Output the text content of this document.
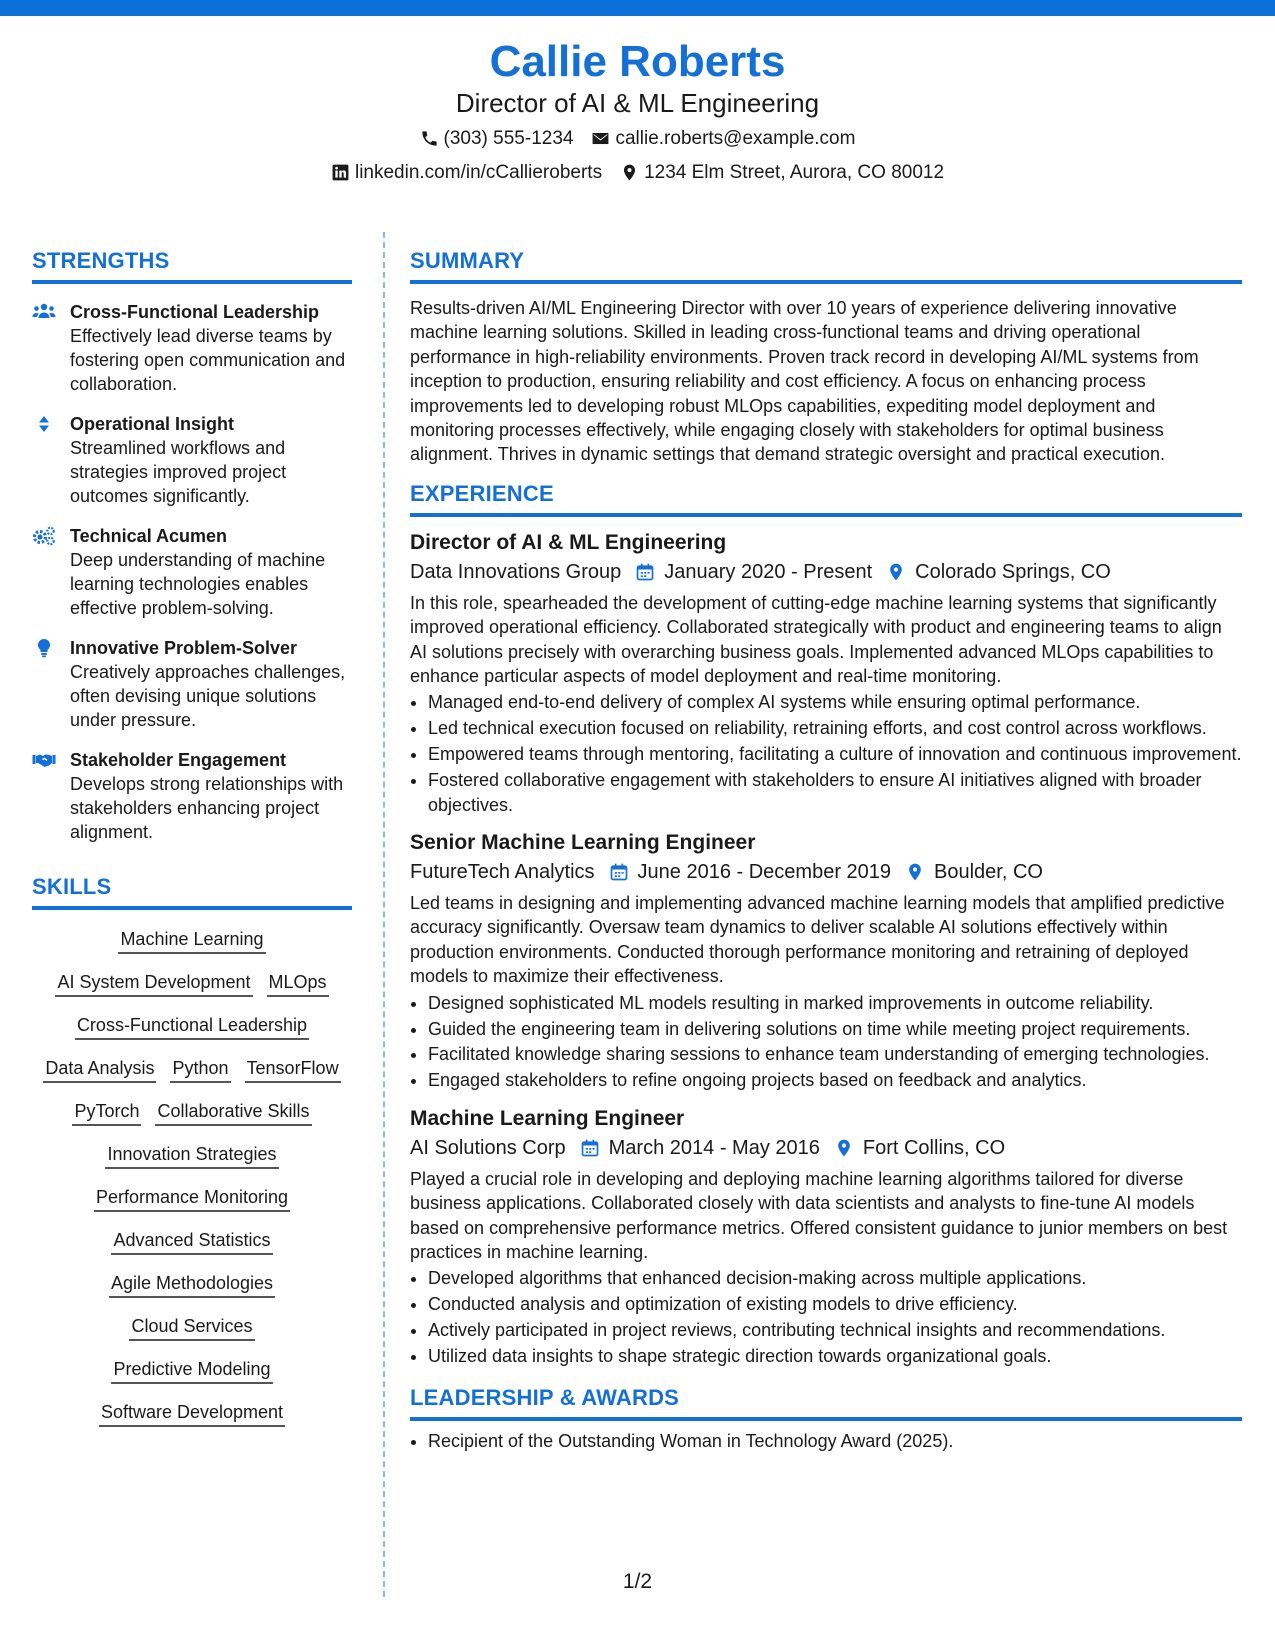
Callie Roberts
Director of AI & ML Engineering
(303) 555-1234 callie.roberts@example.com
linkedin.com/in/cCallieroberts 1234 Elm Street, Aurora, CO 80012
STRENGTHS
Cross-Functional Leadership
Effectively lead diverse teams by fostering open communication and collaboration.
Operational Insight
Streamlined workflows and strategies improved project outcomes significantly.
Technical Acumen
Deep understanding of machine learning technologies enables effective problem-solving.
Innovative Problem-Solver
Creatively approaches challenges, often devising unique solutions under pressure.
Stakeholder Engagement
Develops strong relationships with stakeholders enhancing project alignment.
SKILLS
Machine Learning
AI System Development MLOps
Cross-Functional Leadership
Data Analysis Python TensorFlow
PyTorch Collaborative Skills
Innovation Strategies
Performance Monitoring
Advanced Statistics
Agile Methodologies
Cloud Services
Predictive Modeling
Software Development
SUMMARY
Results-driven AI/ML Engineering Director with over 10 years of experience delivering innovative machine learning solutions. Skilled in leading cross-functional teams and driving operational performance in high-reliability environments. Proven track record in developing AI/ML systems from inception to production, ensuring reliability and cost efficiency. A focus on enhancing process improvements led to developing robust MLOps capabilities, expediting model deployment and monitoring processes effectively, while engaging closely with stakeholders for optimal business alignment. Thrives in dynamic settings that demand strategic oversight and practical execution.
EXPERIENCE
Director of AI & ML Engineering
Data Innovations Group January 2020 - Present Colorado Springs, CO
In this role, spearheaded the development of cutting-edge machine learning systems that significantly improved operational efficiency. Collaborated strategically with product and engineering teams to align AI solutions precisely with overarching business goals. Implemented advanced MLOps capabilities to enhance particular aspects of model deployment and real-time monitoring.
• Managed end-to-end delivery of complex AI systems while ensuring optimal performance.
• Led technical execution focused on reliability, retraining efforts, and cost control across workflows.
• Empowered teams through mentoring, facilitating a culture of innovation and continuous improvement.
• Fostered collaborative engagement with stakeholders to ensure AI initiatives aligned with broader objectives.
Senior Machine Learning Engineer
FutureTech Analytics June 2016 - December 2019 Boulder, CO
Led teams in designing and implementing advanced machine learning models that amplified predictive accuracy significantly. Oversaw team dynamics to deliver scalable AI solutions effectively within production environments. Conducted thorough performance monitoring and retraining of deployed models to maximize their effectiveness.
• Designed sophisticated ML models resulting in marked improvements in outcome reliability.
• Guided the engineering team in delivering solutions on time while meeting project requirements.
• Facilitated knowledge sharing sessions to enhance team understanding of emerging technologies.
• Engaged stakeholders to refine ongoing projects based on feedback and analytics.
Machine Learning Engineer
AI Solutions Corp March 2014 - May 2016 Fort Collins, CO
Played a crucial role in developing and deploying machine learning algorithms tailored for diverse business applications. Collaborated closely with data scientists and analysts to fine-tune AI models based on comprehensive performance metrics. Offered consistent guidance to junior members on best practices in machine learning.
• Developed algorithms that enhanced decision-making across multiple applications.
• Conducted analysis and optimization of existing models to drive efficiency.
• Actively participated in project reviews, contributing technical insights and recommendations.
• Utilized data insights to shape strategic direction towards organizational goals.
LEADERSHIP & AWARDS
• Recipient of the Outstanding Woman in Technology Award (2025).
1/2
